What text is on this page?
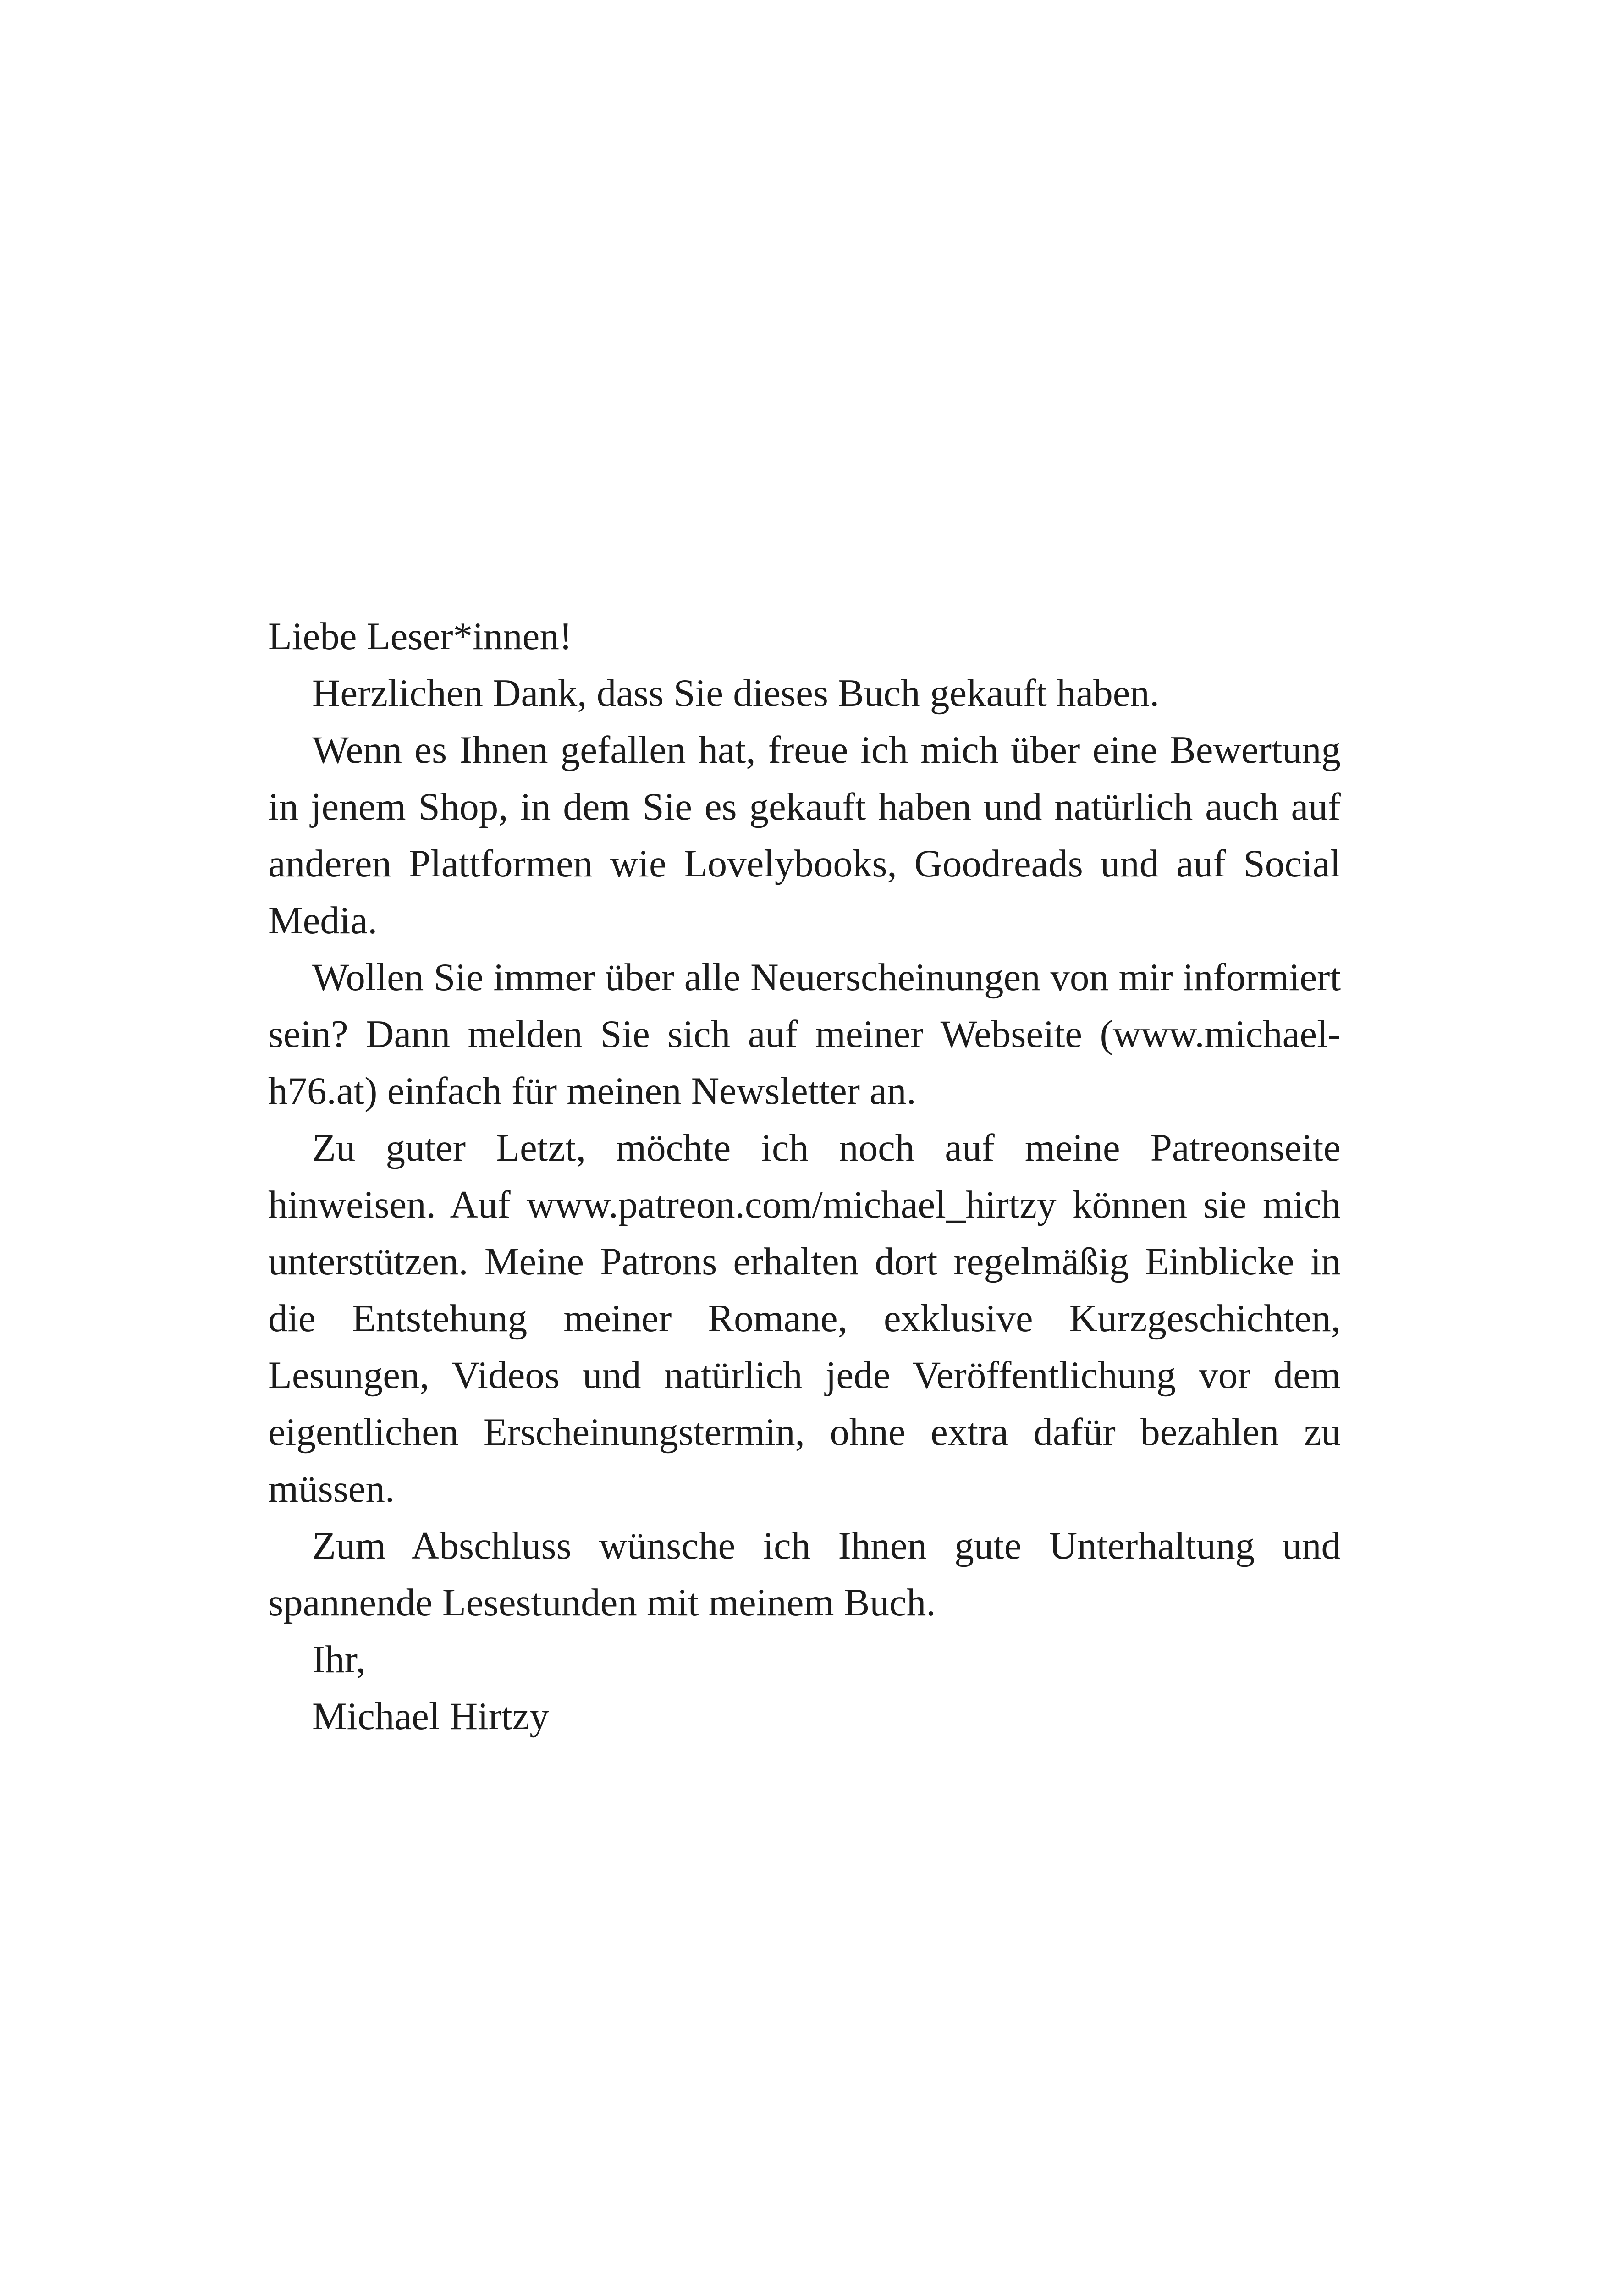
Liebe Leser*innen!

Herzlichen Dank, dass Sie dieses Buch gekauft haben.

Wenn es Ihnen gefallen hat, freue ich mich über eine Bewertung in jenem Shop, in dem Sie es gekauft haben und natürlich auch auf anderen Plattformen wie Lovelybooks, Goodreads und auf Social Media.

Wollen Sie immer über alle Neuerscheinungen von mir informiert sein? Dann melden Sie sich auf meiner Webseite (www.michael-h76.at) einfach für meinen Newsletter an.

Zu guter Letzt, möchte ich noch auf meine Patreonseite hinweisen. Auf www.patreon.com/michael_hirtzy können sie mich unterstützen. Meine Patrons erhalten dort regelmäßig Einblicke in die Entstehung meiner Romane, exklusive Kurzgeschichten, Lesungen, Videos und natürlich jede Veröffentlichung vor dem eigentlichen Erscheinungstermin, ohne extra dafür bezahlen zu müssen.

Zum Abschluss wünsche ich Ihnen gute Unterhaltung und spannende Lesestunden mit meinem Buch.

Ihr,

Michael Hirtzy
